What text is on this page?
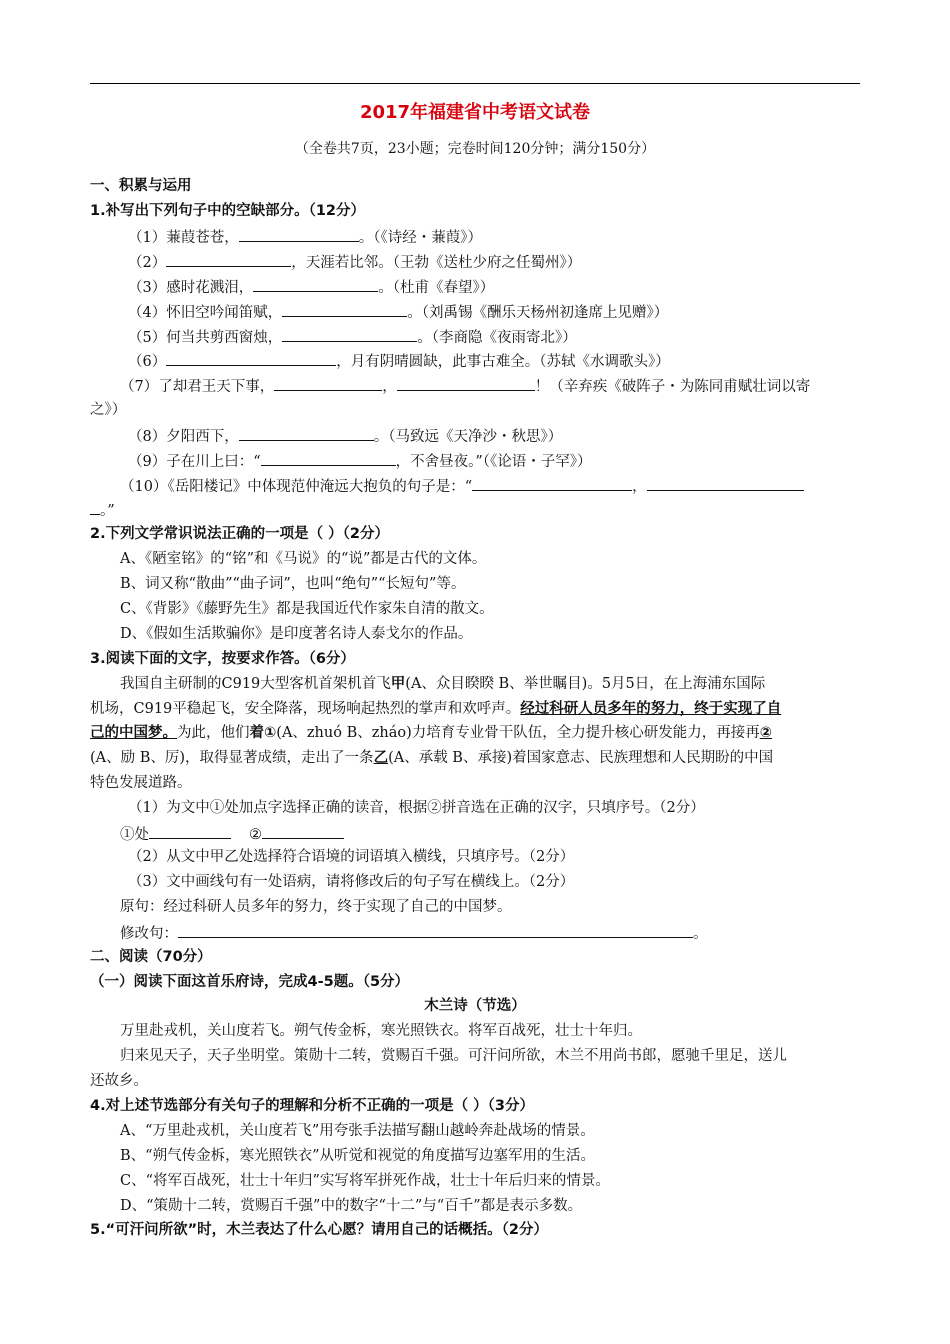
2017年福建省中考语文试卷
（全卷共7页，23小题；完卷时间120分钟；满分150分）
一、积累与运用
1.补写出下列句子中的空缺部分。（12分）
（1）蒹葭苍苍，	。（《诗经・蒹葭》）
（2）	，天涯若比邻。（王勃《送杜少府之任蜀州》）
（3）感时花溅泪，	。（杜甫《春望》）
（4）怀旧空吟闻笛赋，	。（刘禹锡《酬乐天杨州初逢席上见赠》）
（5）何当共剪西窗烛，	。（李商隐《夜雨寄北》）
（6）	，月有阴晴圆缺，此事古难全。（苏轼《水调歌头》）
（7）了却君王天下事，	，	！（辛弃疾《破阵子・为陈同甫赋壮词以寄
之》）
（8）夕阳西下，	。（马致远《天净沙・秋思》）
（9）子在川上曰：“	，不舍昼夜。”（《论语・子罕》）
（10）《岳阳楼记》中体现范仲淹远大抱负的句子是：“	，
。”
2.下列文学常识说法正确的一项是（ ）（2分）
A、《陋室铭》的“铭”和《马说》的“说”都是古代的文体。
B、词又称“散曲”“曲子词”，也叫“绝句”“长短句”等。
C、《背影》《藤野先生》都是我国近代作家朱自清的散文。
D、《假如生活欺骗你》是印度著名诗人泰戈尔的作品。
3.阅读下面的文字，按要求作答。（6分）
我国自主研制的C919大型客机首架机首飞甲(A、众目睽睽 B、举世瞩目)。5月5日，在上海浦东国际
机场，C919平稳起飞，安全降落，现场响起热烈的掌声和欢呼声。经过科研人员多年的努力，终于实现了自
己的中国梦。为此，他们着①(A、zhuó B、zháo)力培育专业骨干队伍，全力提升核心研发能力，再接再②
(A、励 B、厉)，取得显著成绩，走出了一条乙(A、承载 B、承接)着国家意志、民族理想和人民期盼的中国
特色发展道路。
（1）为文中①处加点字选择正确的读音，根据②拼音选在正确的汉字，只填序号。（2分）
①处	②
（2）从文中甲乙处选择符合语境的词语填入横线，只填序号。（2分）
（3）文中画线句有一处语病，请将修改后的句子写在横线上。（2分）
原句：经过科研人员多年的努力，终于实现了自己的中国梦。
修改句：	。
二、阅读（70分）
（一）阅读下面这首乐府诗，完成4-5题。（5分）
木兰诗（节选）
万里赴戎机，关山度若飞。朔气传金柝，寒光照铁衣。将军百战死，壮士十年归。
归来见天子，天子坐明堂。策勋十二转，赏赐百千强。可汗问所欲，木兰不用尚书郎，愿驰千里足，送儿
还故乡。
4.对上述节选部分有关句子的理解和分析不正确的一项是（ ）（3分）
A、“万里赴戎机，关山度若飞”用夸张手法描写翻山越岭奔赴战场的情景。
B、“朔气传金柝，寒光照铁衣”从听觉和视觉的角度描写边塞军用的生活。
C、“将军百战死，壮士十年归”实写将军拼死作战，壮士十年后归来的情景。
D、“策勋十二转，赏赐百千强”中的数字“十二”与“百千”都是表示多数。
5.“可汗问所欲”时，木兰表达了什么心愿？请用自己的话概括。（2分）
